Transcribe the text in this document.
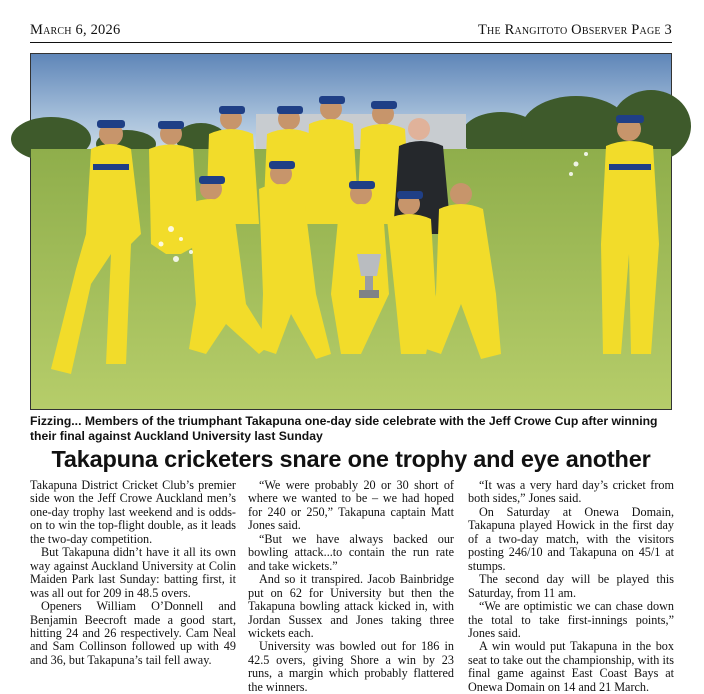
March 6, 2026	The Rangitoto Observer Page 3
Fizzing... Members of the triumphant Takapuna one-day side celebrate with the Jeff Crowe Cup after winning their final against Auckland University last Sunday
Takapuna cricketers snare one trophy and eye another

Takapuna District Cricket Club’s premier side won the Jeff Crowe Auckland men’s one-day trophy last weekend and is odds-on to win the top-flight double, as it leads the two-day competition.

But Takapuna didn’t have it all its own way against Auckland University at Colin Maiden Park last Sunday: batting first, it was all out for 209 in 48.5 overs.

Openers William O’Donnell and Benjamin Beecroft made a good start, hitting 24 and 26 respectively. Cam Neal and Sam Collinson followed up with 49 and 36, but Takapuna’s tail fell away.

“We were probably 20 or 30 short of where we wanted to be – we had hoped for 240 or 250,” Takapuna captain Matt Jones said.

“But we have always backed our bowling attack...to contain the run rate and take wickets.”

And so it transpired. Jacob Bainbridge put on 62 for University but then the Takapuna bowling attack kicked in, with Jordan Sussex and Jones taking three wickets each.

University was bowled out for 186 in 42.5 overs, giving Shore a win by 23 runs, a margin which probably flattered the winners.

“It was a very hard day’s cricket from both sides,” Jones said.

On Saturday at Onewa Domain, Takapuna played Howick in the first day of a two-day match, with the visitors posting 246/10 and Takapuna on 45/1 at stumps.

The second day will be played this Saturday, from 11 am.

“We are optimistic we can chase down the total to take first-innings points,” Jones said.

A win would put Takapuna in the box seat to take out the championship, with its final game against East Coast Bays at Onewa Domain on 14 and 21 March.
